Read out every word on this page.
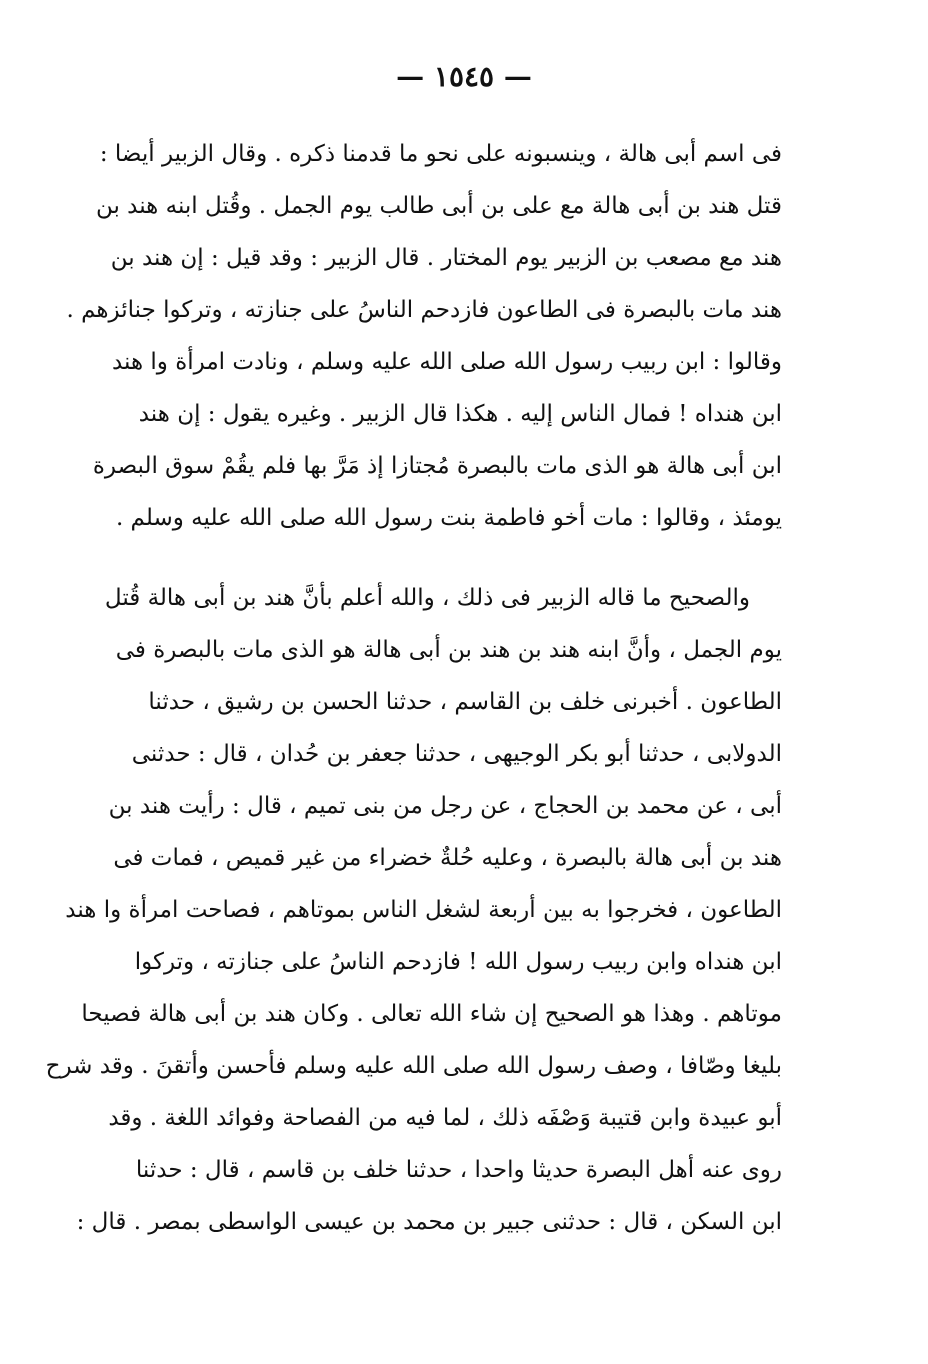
— ١٥٤٥ —
فى اسم أبى هالة ، وينسبونه على نحو ما قدمنا ذكره . وقال الزبير أيضا :
قتل هند بن أبى هالة مع على بن أبى طالب يوم الجمل . وقُتل ابنه هند بن
هند مع مصعب بن الزبير يوم المختار . قال الزبير : وقد قيل : إن هند بن
هند مات بالبصرة فى الطاعون فازدحم الناسُ على جنازته ، وتركوا جنائزهم .
وقالوا : ابن ربيب رسول الله صلى الله عليه وسلم ، ونادت امرأة وا هند
ابن هنداه ! فمال الناس إليه . هكذا قال الزبير . وغيره يقول : إن هند
ابن أبى هالة هو الذى مات بالبصرة مُجتازا إذ مَرَّ بها فلم يقُمْ سوق البصرة
يومئذ ، وقالوا : مات أخو فاطمة بنت رسول الله صلى الله عليه وسلم .
والصحيح ما قاله الزبير فى ذلك ، والله أعلم بأنَّ هند بن أبى هالة قُتل
يوم الجمل ، وأنَّ ابنه هند بن هند بن أبى هالة هو الذى مات بالبصرة فى
الطاعون . أخبرنى خلف بن القاسم ، حدثنا الحسن بن رشيق ، حدثنا
الدولابى ، حدثنا أبو بكر الوجيهى ، حدثنا جعفر بن حُدان ، قال : حدثنى
أبى ، عن محمد بن الحجاج ، عن رجل من بنى تميم ، قال : رأيت هند بن
هند بن أبى هالة بالبصرة ، وعليه حُلةٌ خضراء من غير قميص ، فمات فى
الطاعون ، فخرجوا به بين أربعة لشغل الناس بموتاهم ، فصاحت امرأة وا هند
ابن هنداه وابن ربيب رسول الله ! فازدحم الناسُ على جنازته ، وتركوا
موتاهم . وهذا هو الصحيح إن شاء الله تعالى . وكان هند بن أبى هالة فصيحا
بليغا وصّافا ، وصف رسول الله صلى الله عليه وسلم فأحسن وأتقنَ . وقد شرح
أبو عبيدة وابن قتيبة وَصْفَه ذلك ، لما فيه من الفصاحة وفوائد اللغة . وقد
روى عنه أهل البصرة حديثا واحدا ، حدثنا خلف بن قاسم ، قال : حدثنا
ابن السكن ، قال : حدثنى جبير بن محمد بن عيسى الواسطى بمصر . قال :
